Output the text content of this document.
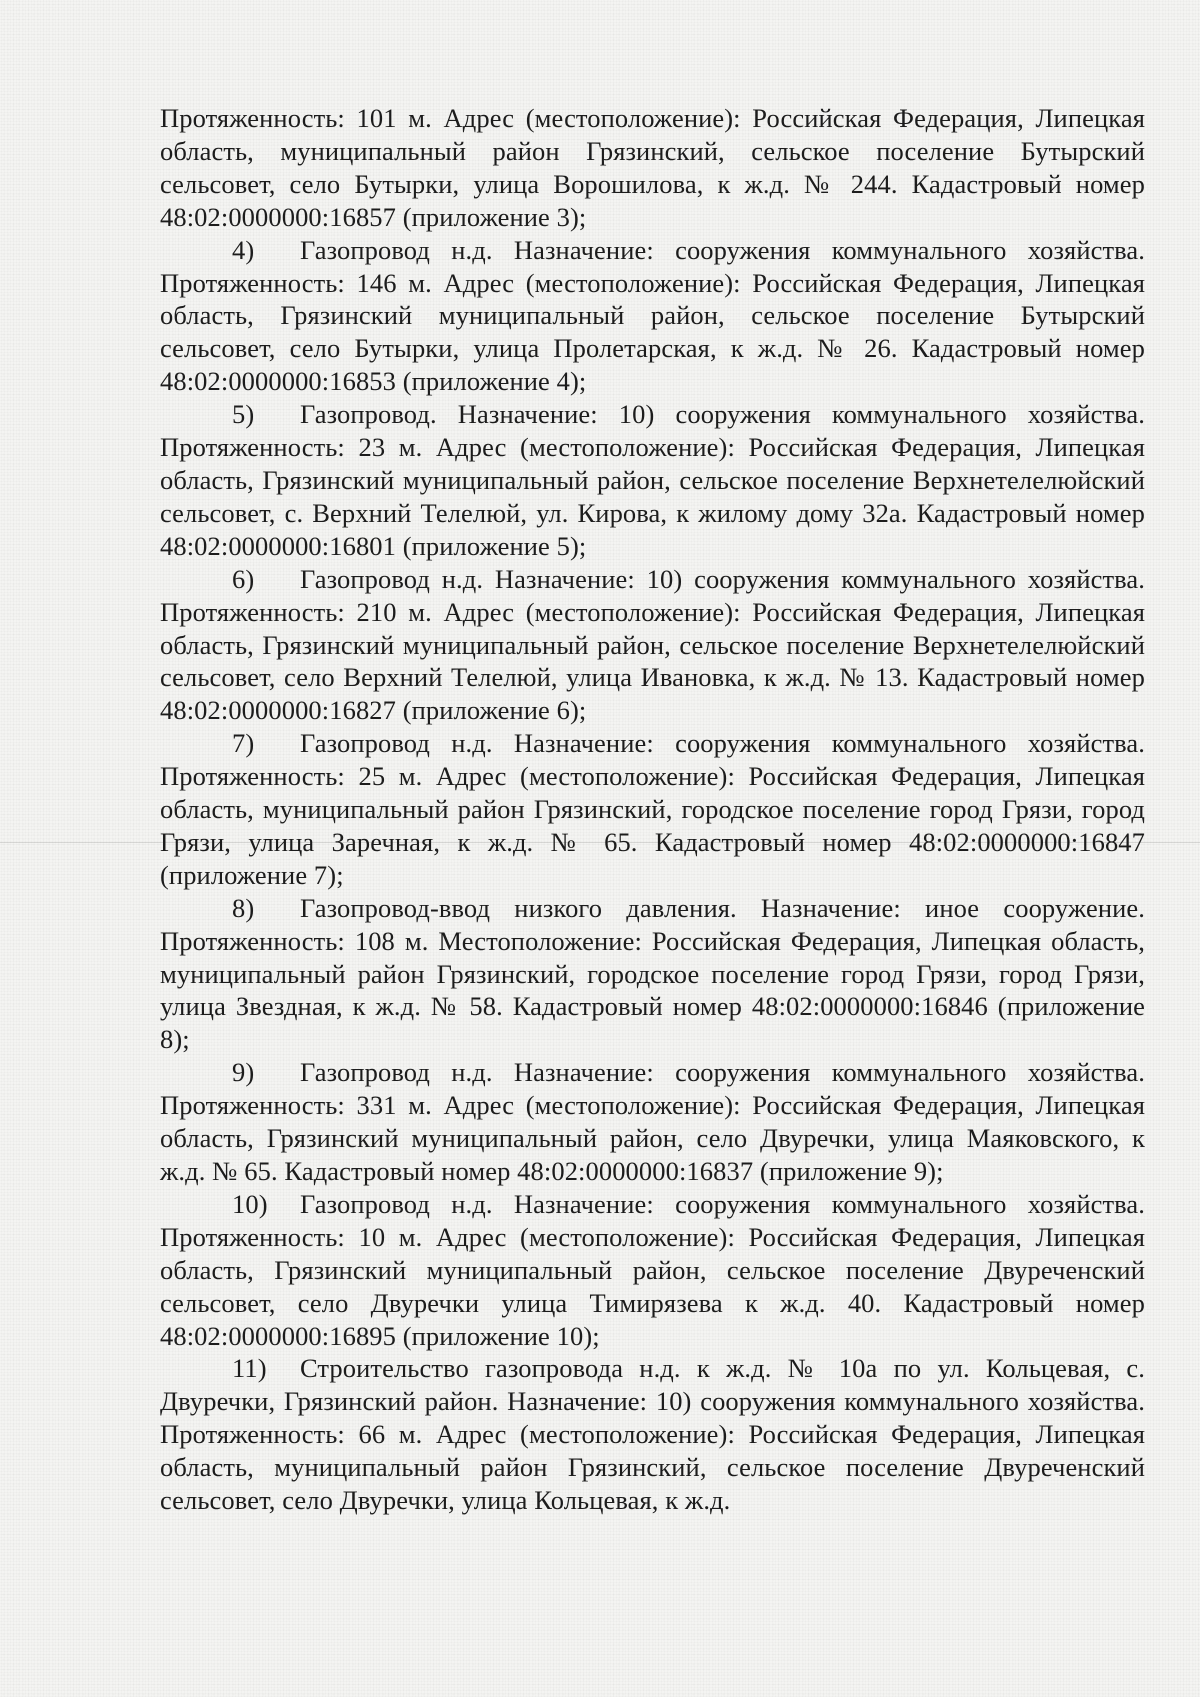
Протяженность: 101 м. Адрес (местоположение): Российская Федерация, Липецкая область, муниципальный район Грязинский, сельское поселение Бутырский сельсовет, село Бутырки, улица Ворошилова, к ж.д. № 244. Кадастровый номер 48:02:0000000:16857 (приложение 3);

4) Газопровод н.д. Назначение: сооружения коммунального хозяйства. Протяженность: 146 м. Адрес (местоположение): Российская Федерация, Липецкая область, Грязинский муниципальный район, сельское поселение Бутырский сельсовет, село Бутырки, улица Пролетарская, к ж.д. № 26. Кадастровый номер 48:02:0000000:16853 (приложение 4);

5) Газопровод. Назначение: 10) сооружения коммунального хозяйства. Протяженность: 23 м. Адрес (местоположение): Российская Федерация, Липецкая область, Грязинский муниципальный район, сельское поселение Верхнетелелюйский сельсовет, с. Верхний Телелюй, ул. Кирова, к жилому дому 32а. Кадастровый номер 48:02:0000000:16801 (приложение 5);

6) Газопровод н.д. Назначение: 10) сооружения коммунального хозяйства. Протяженность: 210 м. Адрес (местоположение): Российская Федерация, Липецкая область, Грязинский муниципальный район, сельское поселение Верхнетелелюйский сельсовет, село Верхний Телелюй, улица Ивановка, к ж.д. № 13. Кадастровый номер 48:02:0000000:16827 (приложение 6);

7) Газопровод н.д. Назначение: сооружения коммунального хозяйства. Протяженность: 25 м. Адрес (местоположение): Российская Федерация, Липецкая область, муниципальный район Грязинский, городское поселение город Грязи, город Грязи, улица Заречная, к ж.д. № 65. Кадастровый номер 48:02:0000000:16847 (приложение 7);

8) Газопровод-ввод низкого давления. Назначение: иное сооружение. Протяженность: 108 м. Местоположение: Российская Федерация, Липецкая область, муниципальный район Грязинский, городское поселение город Грязи, город Грязи, улица Звездная, к ж.д. № 58. Кадастровый номер 48:02:0000000:16846 (приложение 8);

9) Газопровод н.д. Назначение: сооружения коммунального хозяйства. Протяженность: 331 м. Адрес (местоположение): Российская Федерация, Липецкая область, Грязинский муниципальный район, село Двуречки, улица Маяковского, к ж.д. № 65. Кадастровый номер 48:02:0000000:16837 (приложение 9);

10) Газопровод н.д. Назначение: сооружения коммунального хозяйства. Протяженность: 10 м. Адрес (местоположение): Российская Федерация, Липецкая область, Грязинский муниципальный район, сельское поселение Двуреченский сельсовет, село Двуречки улица Тимирязева к ж.д. 40. Кадастровый номер 48:02:0000000:16895 (приложение 10);

11) Строительство газопровода н.д. к ж.д. № 10а по ул. Кольцевая, с. Двуречки, Грязинский район. Назначение: 10) сооружения коммунального хозяйства. Протяженность: 66 м. Адрес (местоположение): Российская Федерация, Липецкая область, муниципальный район Грязинский, сельское поселение Двуреченский сельсовет, село Двуречки, улица Кольцевая, к ж.д.
